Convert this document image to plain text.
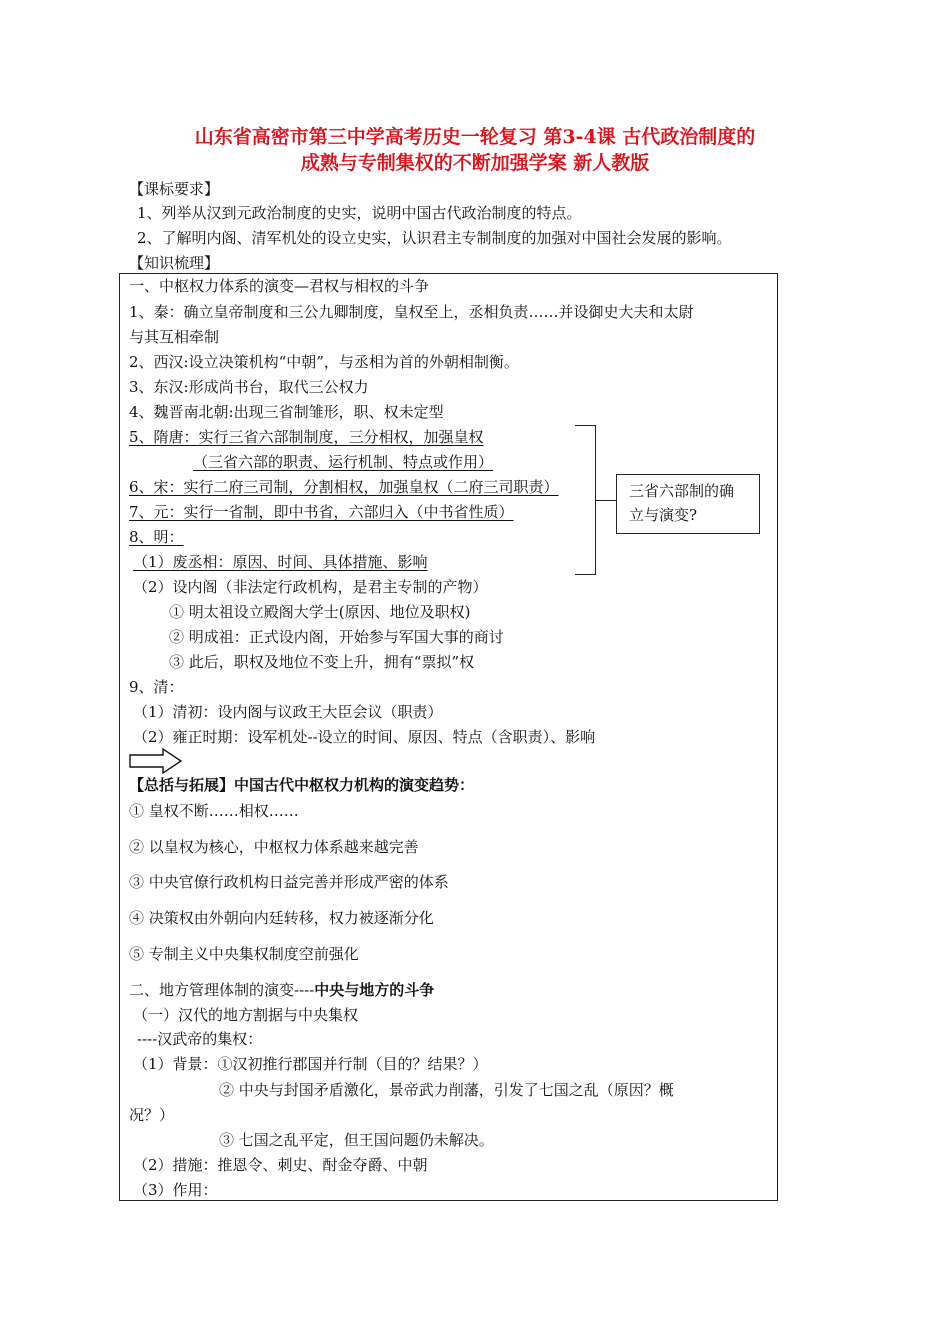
山东省高密市第三中学高考历史一轮复习 第3-4课 古代政治制度的
成熟与专制集权的不断加强学案 新人教版
【课标要求】
1、列举从汉到元政治制度的史实，说明中国古代政治制度的特点。
2、了解明内阁、清军机处的设立史实，认识君主专制制度的加强对中国社会发展的影响。
【知识梳理】
一、中枢权力体系的演变—君权与相权的斗争
1、秦：确立皇帝制度和三公九卿制度，皇权至上，丞相负责……并设御史大夫和太尉
与其互相牵制
2、西汉:设立决策机构“中朝”，与丞相为首的外朝相制衡。
3、东汉:形成尚书台，取代三公权力
4、魏晋南北朝:出现三省制雏形，职、权未定型
5、隋唐：实行三省六部制制度，三分相权，加强皇权
（三省六部的职责、运行机制、特点或作用）
6、宋：实行二府三司制，分割相权，加强皇权（二府三司职责）
7、元：实行一省制，即中书省，六部归入（中书省性质）
8、明：
（1）废丞相：原因、时间、具体措施、影响
（2）设内阁（非法定行政机构，是君主专制的产物）
① 明太祖设立殿阁大学士(原因、地位及职权)
② 明成祖：正式设内阁，开始参与军国大事的商讨
③ 此后，职权及地位不变上升，拥有“票拟”权
9、清：
（1）清初：设内阁与议政王大臣会议（职责）
（2）雍正时期：设军机处--设立的时间、原因、特点（含职责）、影响
三省六部制的确
立与演变?
【总括与拓展】中国古代中枢权力机构的演变趋势：
① 皇权不断……相权……
② 以皇权为核心，中枢权力体系越来越完善
③ 中央官僚行政机构日益完善并形成严密的体系
④ 决策权由外朝向内廷转移，权力被逐渐分化
⑤ 专制主义中央集权制度空前强化
二、地方管理体制的演变----中央与地方的斗争
（一）汉代的地方割据与中央集权
----汉武帝的集权：
（1）背景：①汉初推行郡国并行制（目的？结果？）
② 中央与封国矛盾激化，景帝武力削藩，引发了七国之乱（原因？概
况？）
③ 七国之乱平定，但王国问题仍未解决。
（2）措施：推恩令、刺史、酎金夺爵、中朝
（3）作用：
